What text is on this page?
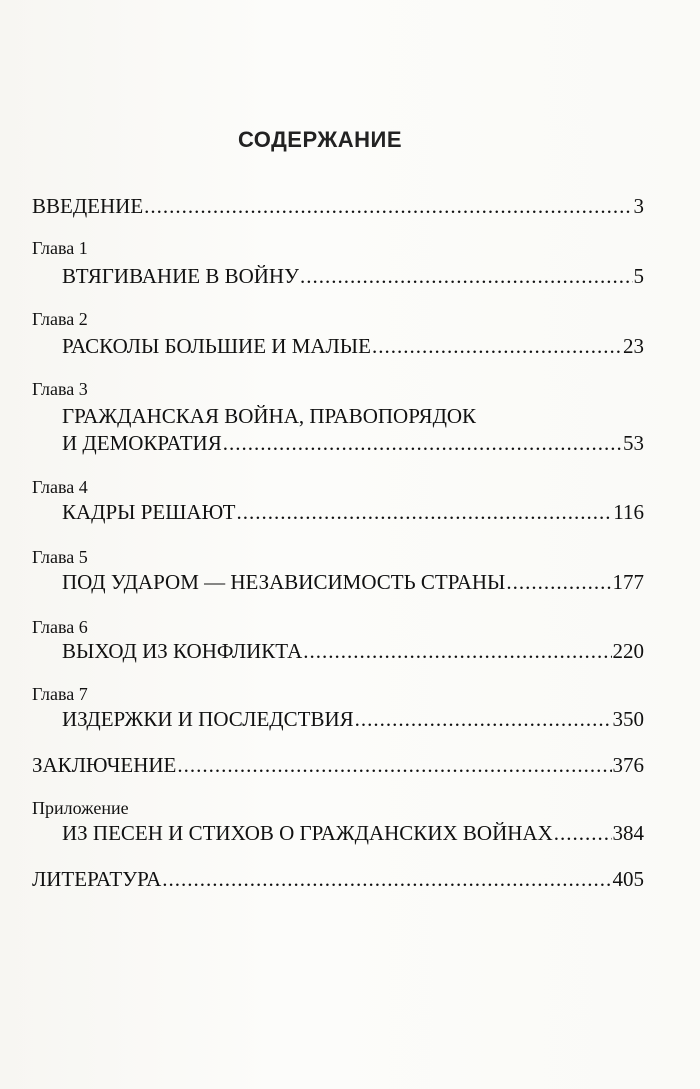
СОДЕРЖАНИЕ
ВВЕДЕНИЕ .....	3
Глава 1
ВТЯГИВАНИЕ В ВОЙНУ .....	5
Глава 2
РАСКОЛЫ БОЛЬШИЕ И МАЛЫЕ .....	23
Глава 3
ГРАЖДАНСКАЯ ВОЙНА, ПРАВОПОРЯДОК
И ДЕМОКРАТИЯ .....	53
Глава 4
КАДРЫ РЕШАЮТ .....	116
Глава 5
ПОД УДАРОМ — НЕЗАВИСИМОСТЬ СТРАНЫ .....	177
Глава 6
ВЫХОД ИЗ КОНФЛИКТА .....	220
Глава 7
ИЗДЕРЖКИ И ПОСЛЕДСТВИЯ .....	350
ЗАКЛЮЧЕНИЕ .....	376
Приложение
ИЗ ПЕСЕН И СТИХОВ О ГРАЖДАНСКИХ ВОЙНАХ .....	384
ЛИТЕРАТУРА .....	405
